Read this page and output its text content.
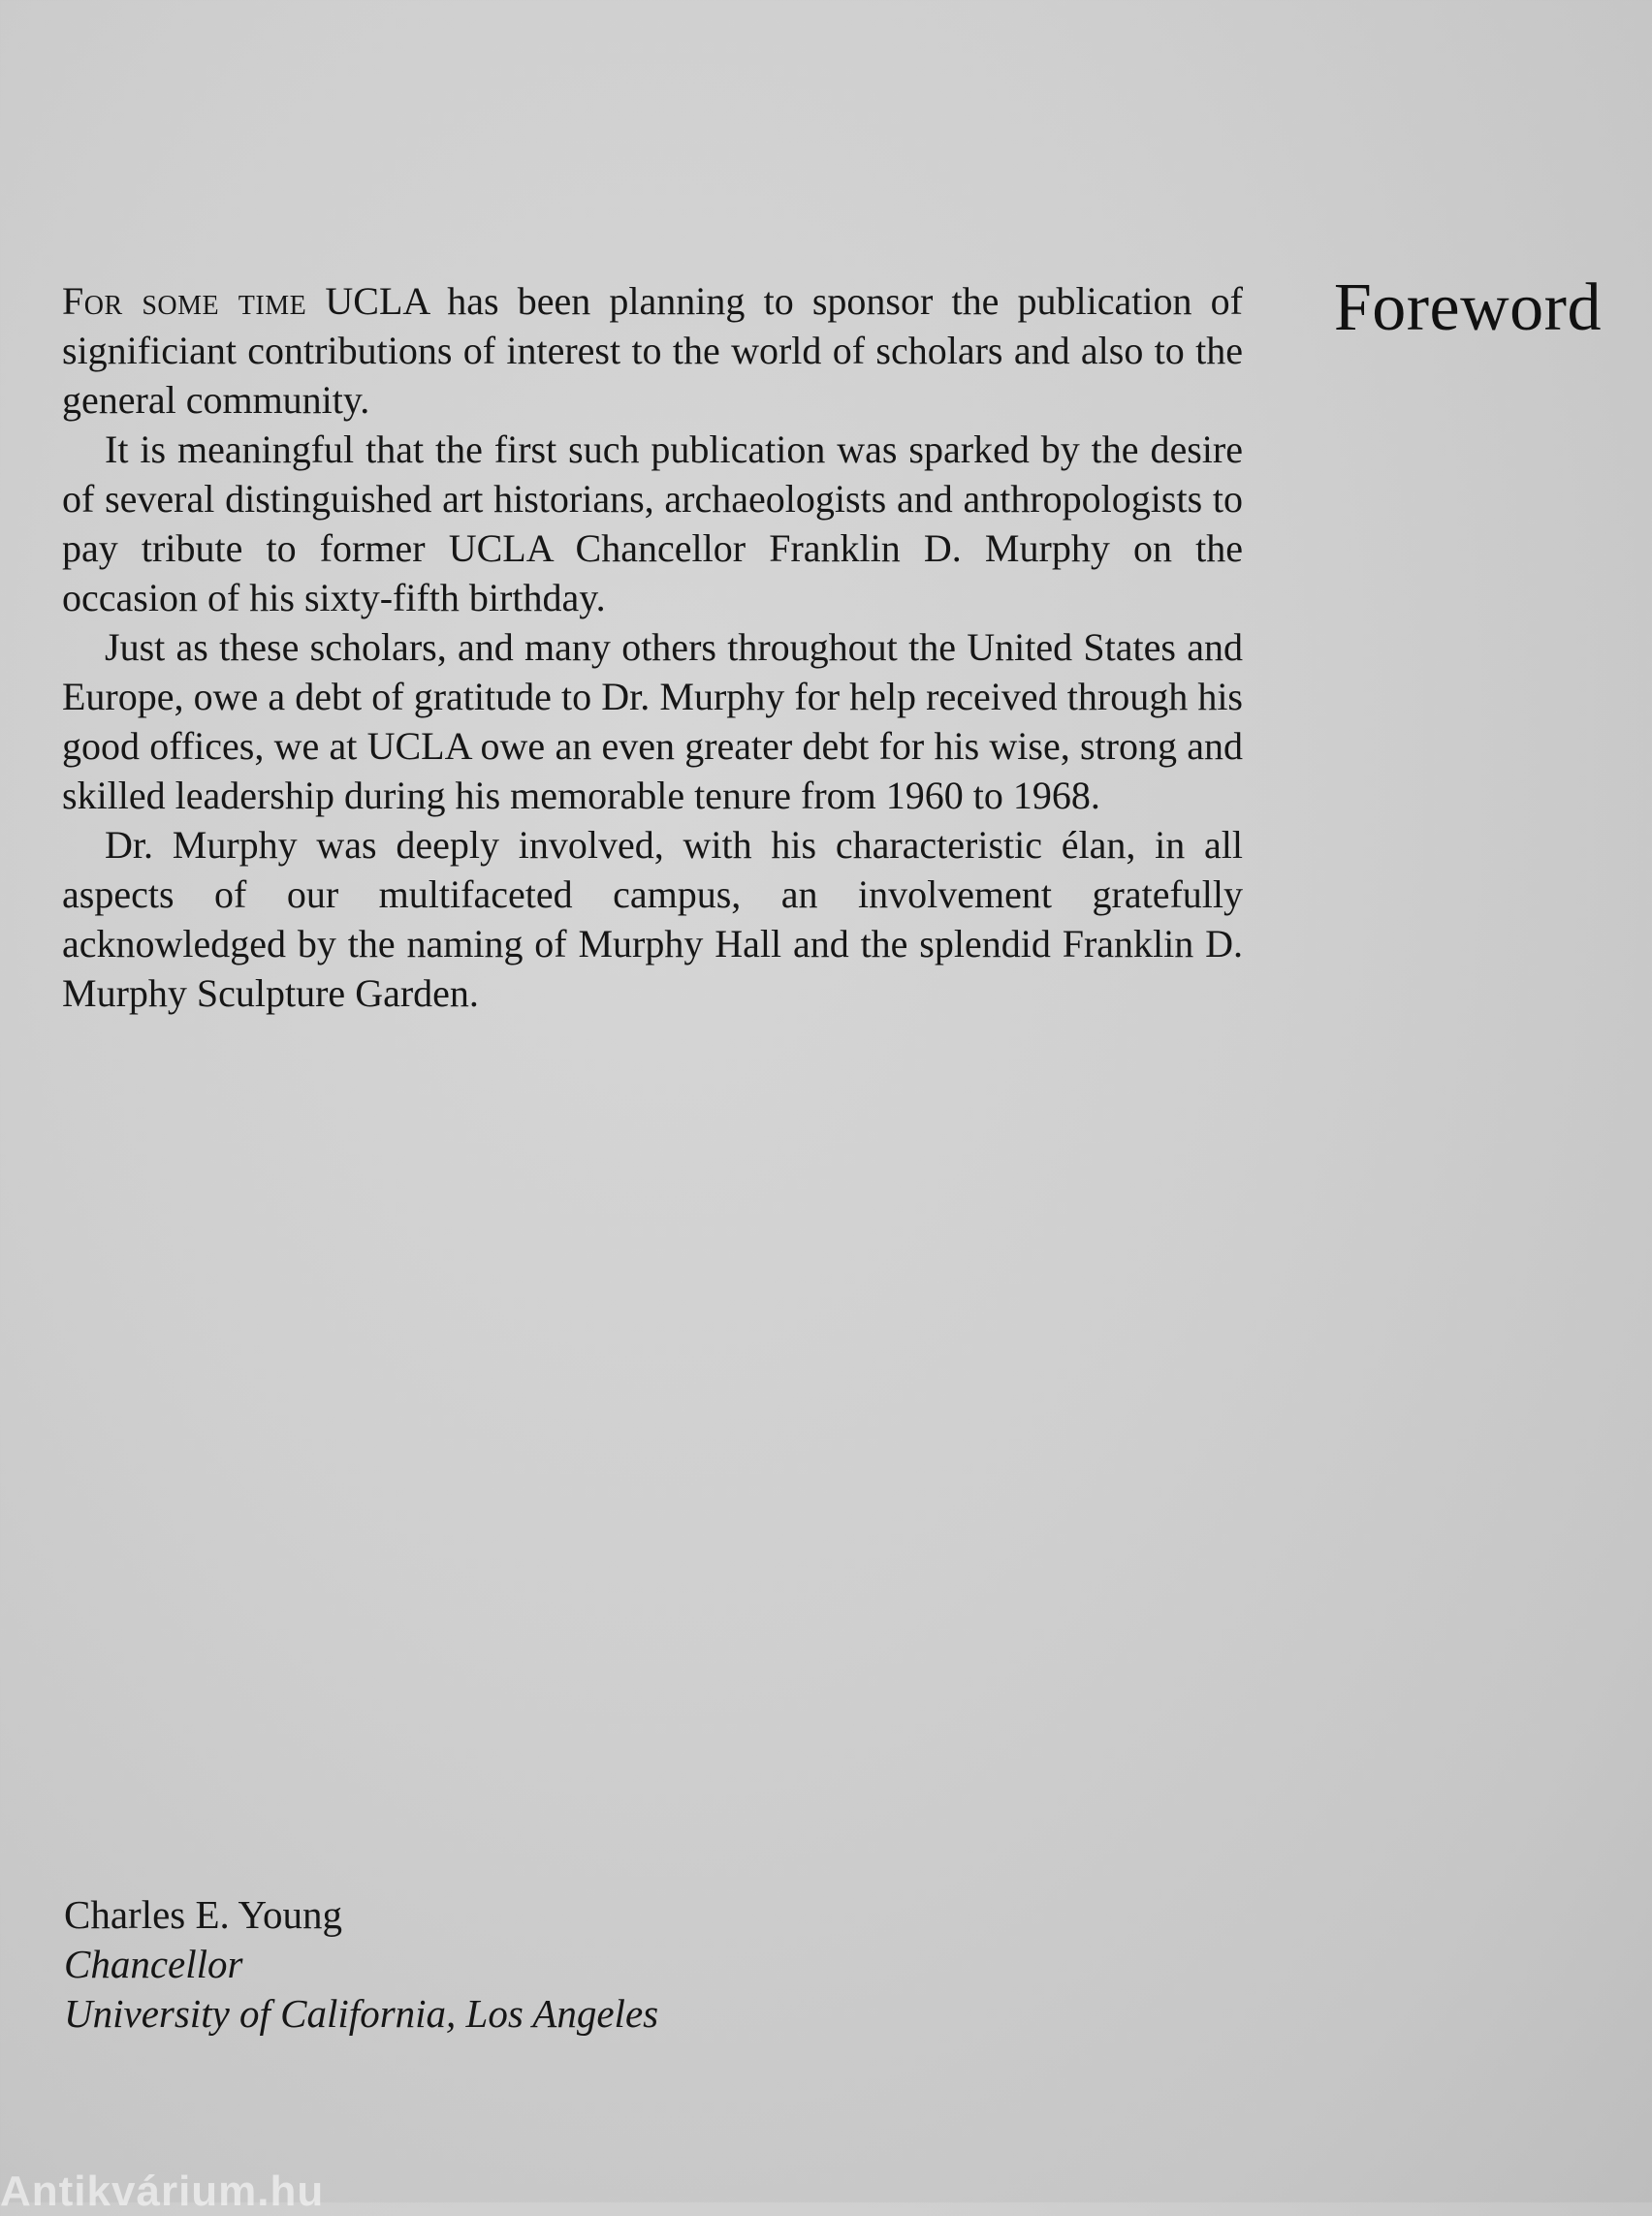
Foreword

For some time UCLA has been planning to sponsor the publication of significiant contributions of interest to the world of scholars and also to the general community.

It is meaningful that the first such publication was sparked by the desire of several distinguished art historians, archaeologists and anthropologists to pay tribute to former UCLA Chancellor Franklin D. Murphy on the occasion of his sixty-fifth birthday.

Just as these scholars, and many others throughout the United States and Europe, owe a debt of gratitude to Dr. Murphy for help received through his good offices, we at UCLA owe an even greater debt for his wise, strong and skilled leadership during his memorable tenure from 1960 to 1968.

Dr. Murphy was deeply involved, with his characteristic élan, in all aspects of our multifaceted campus, an involvement gratefully acknowledged by the naming of Murphy Hall and the splendid Franklin D. Murphy Sculpture Garden.

Charles E. Young
Chancellor
University of California, Los Angeles
Antikvárium.hu
